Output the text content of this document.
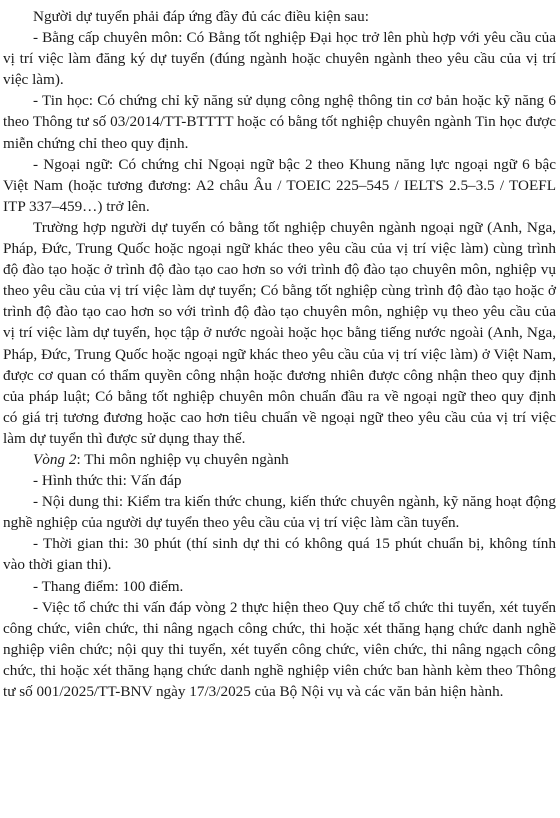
Người dự tuyển phải đáp ứng đầy đủ các điều kiện sau:

- Bằng cấp chuyên môn: Có Bằng tốt nghiệp Đại học trở lên phù hợp với yêu cầu của vị trí việc làm đăng ký dự tuyển (đúng ngành hoặc chuyên ngành theo yêu cầu của vị trí việc làm).

- Tin học: Có chứng chỉ kỹ năng sử dụng công nghệ thông tin cơ bản hoặc kỹ năng 6 theo Thông tư số 03/2014/TT-BTTTT hoặc có bằng tốt nghiệp chuyên ngành Tin học được miễn chứng chỉ theo quy định.

- Ngoại ngữ: Có chứng chỉ Ngoại ngữ bậc 2 theo Khung năng lực ngoại ngữ 6 bậc Việt Nam (hoặc tương đương: A2 châu Âu / TOEIC 225–545 / IELTS 2.5–3.5 / TOEFL ITP 337–459…) trở lên.

Trường hợp người dự tuyển có bằng tốt nghiệp chuyên ngành ngoại ngữ (Anh, Nga, Pháp, Đức, Trung Quốc hoặc ngoại ngữ khác theo yêu cầu của vị trí việc làm) cùng trình độ đào tạo hoặc ở trình độ đào tạo cao hơn so với trình độ đào tạo chuyên môn, nghiệp vụ theo yêu cầu của vị trí việc làm dự tuyển; Có bằng tốt nghiệp cùng trình độ đào tạo hoặc ở trình độ đào tạo cao hơn so với trình độ đào tạo chuyên môn, nghiệp vụ theo yêu cầu của vị trí việc làm dự tuyển, học tập ở nước ngoài hoặc học bằng tiếng nước ngoài (Anh, Nga, Pháp, Đức, Trung Quốc hoặc ngoại ngữ khác theo yêu cầu của vị trí việc làm) ở Việt Nam, được cơ quan có thẩm quyền công nhận hoặc đương nhiên được công nhận theo quy định của pháp luật; Có bằng tốt nghiệp chuyên môn chuẩn đầu ra về ngoại ngữ theo quy định có giá trị tương đương hoặc cao hơn tiêu chuẩn về ngoại ngữ theo yêu cầu của vị trí việc làm dự tuyển thì được sử dụng thay thế.

Vòng 2: Thi môn nghiệp vụ chuyên ngành

- Hình thức thi: Vấn đáp

- Nội dung thi: Kiểm tra kiến thức chung, kiến thức chuyên ngành, kỹ năng hoạt động nghề nghiệp của người dự tuyển theo yêu cầu của vị trí việc làm cần tuyển.

- Thời gian thi: 30 phút (thí sinh dự thi có không quá 15 phút chuẩn bị, không tính vào thời gian thi).

- Thang điểm: 100 điểm.

- Việc tổ chức thi vấn đáp vòng 2 thực hiện theo Quy chế tổ chức thi tuyển, xét tuyển công chức, viên chức, thi nâng ngạch công chức, thi hoặc xét thăng hạng chức danh nghề nghiệp viên chức; nội quy thi tuyển, xét tuyển công chức, viên chức, thi nâng ngạch công chức, thi hoặc xét thăng hạng chức danh nghề nghiệp viên chức ban hành kèm theo Thông tư số 001/2025/TT-BNV ngày 17/3/2025 của Bộ Nội vụ và các văn bản hiện hành.
